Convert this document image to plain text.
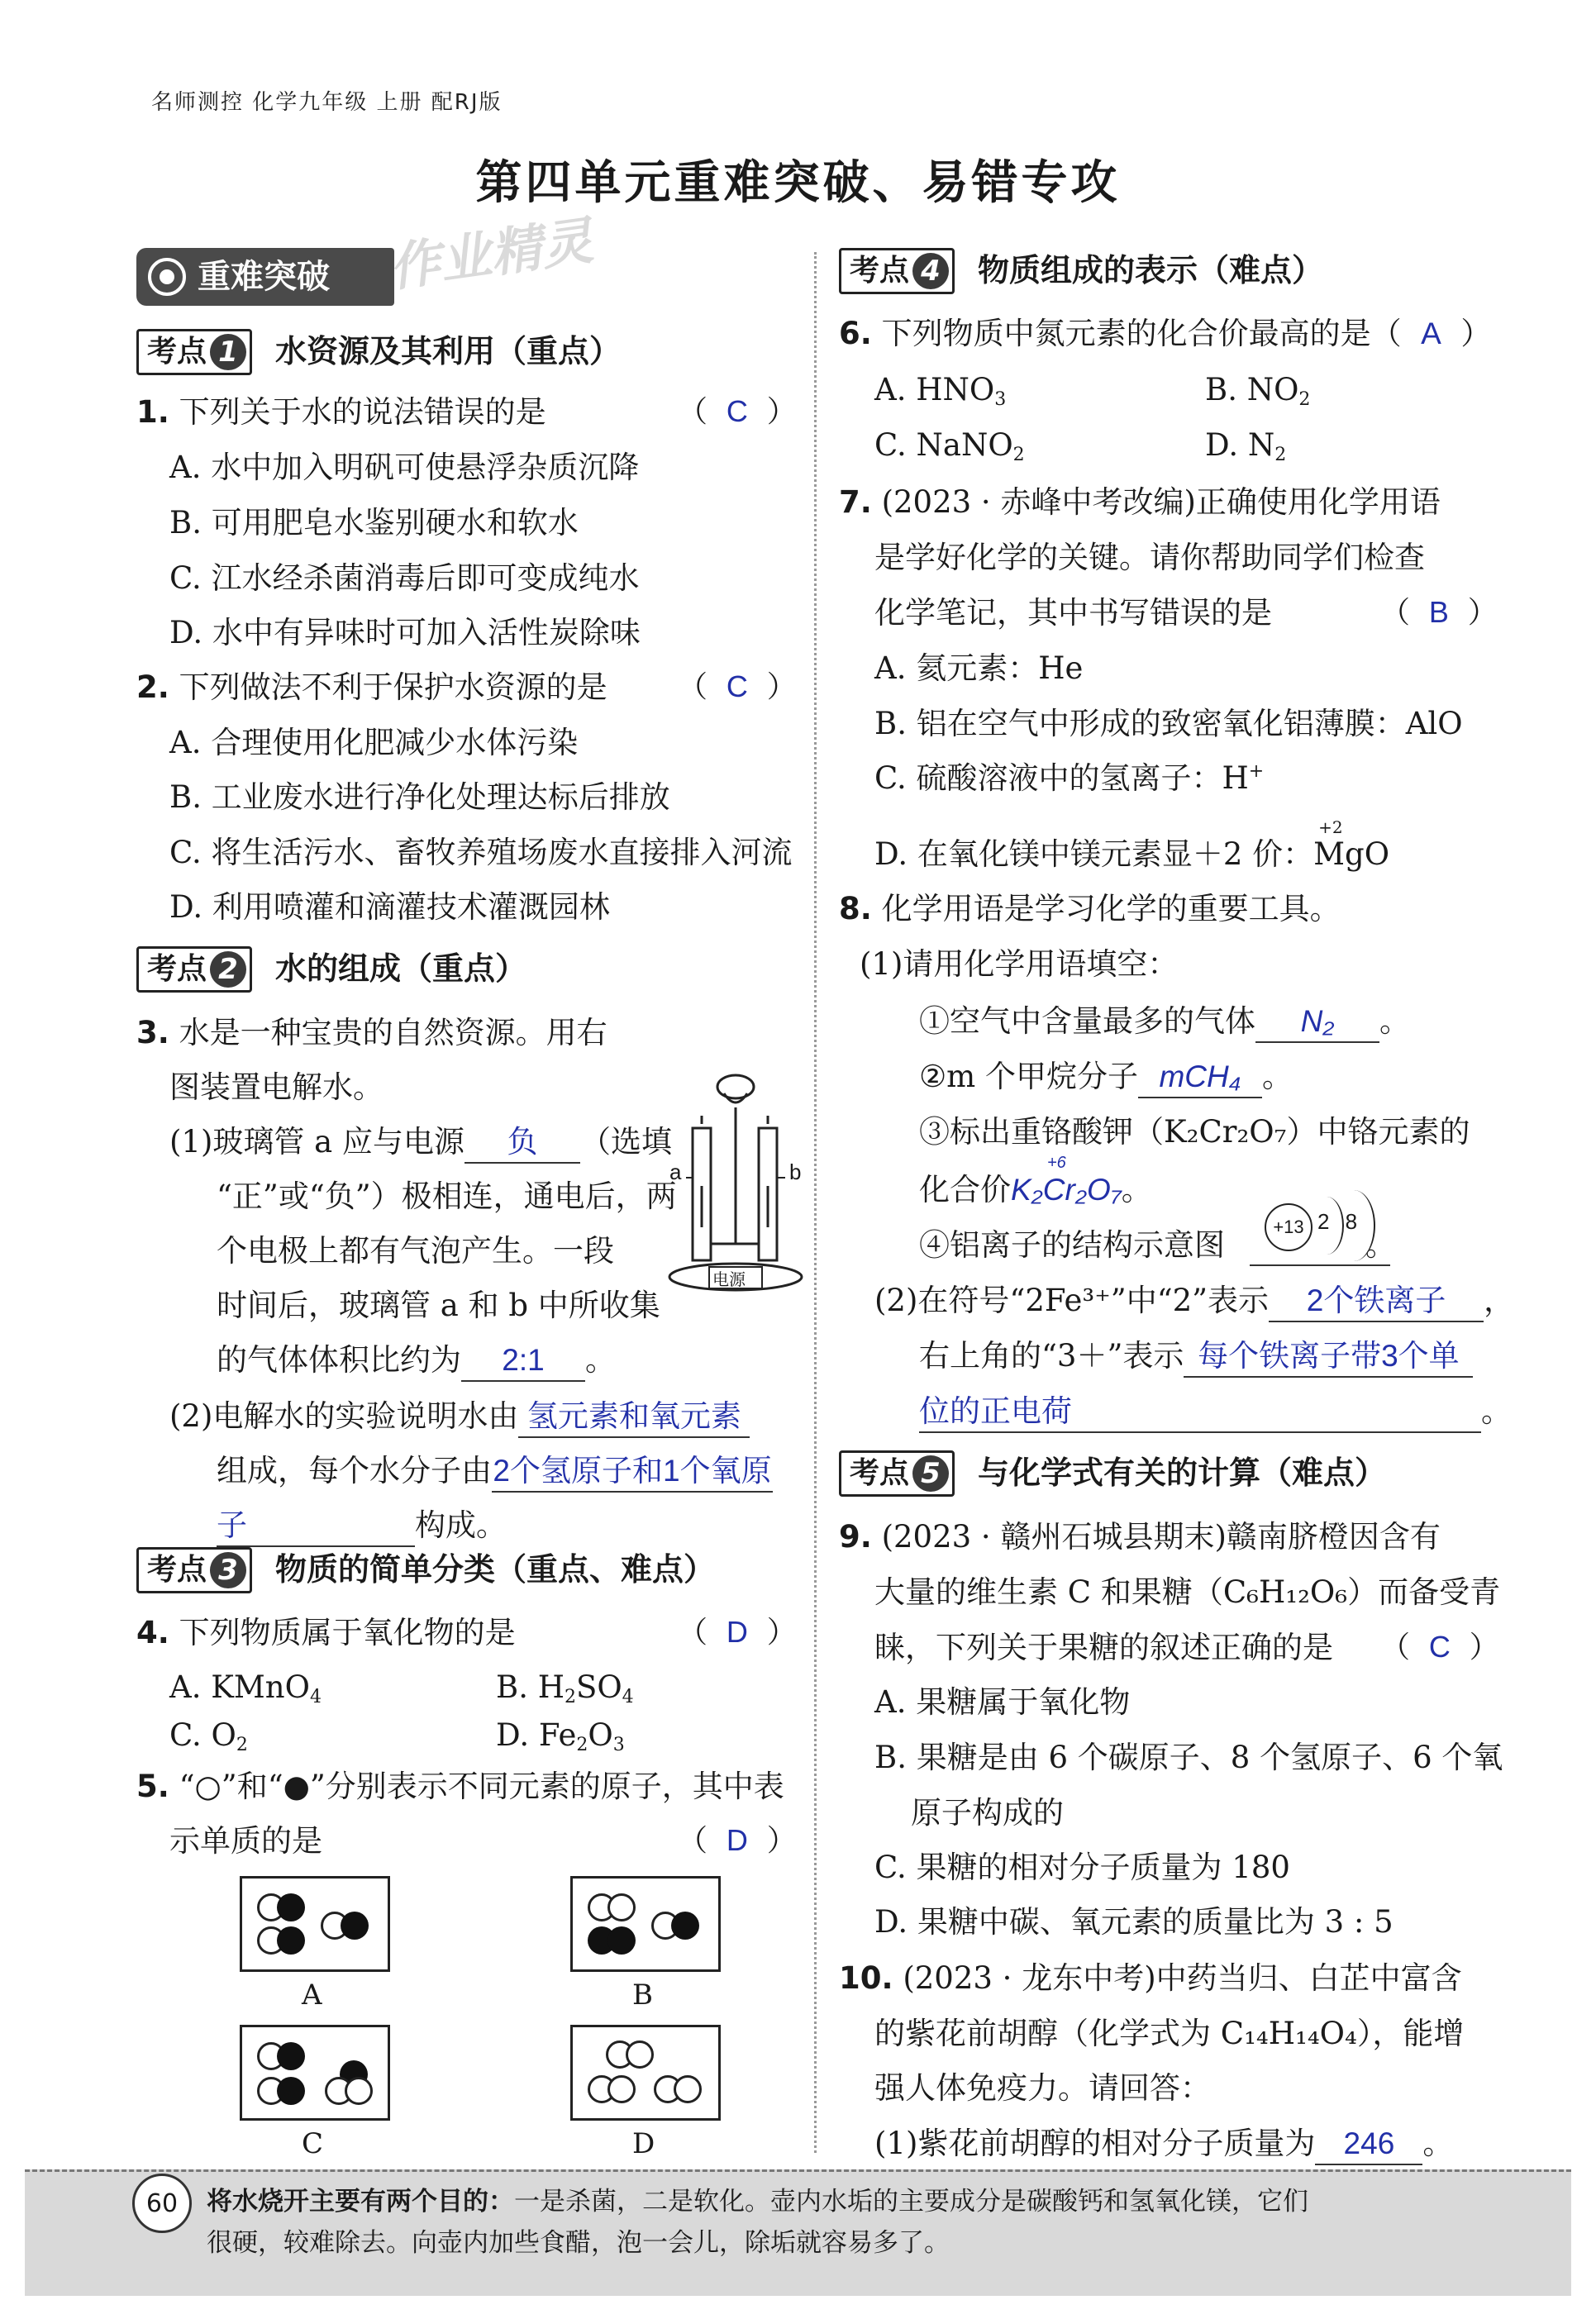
名师测控 化学九年级 上册 配RJ版
第四单元重难突破、易错专攻
重难突破 作业精灵
考点 1 水资源及其利用（重点）
1. 下列关于水的说法错误的是	（  C  ）
A. 水中加入明矾可使悬浮杂质沉降
B. 可用肥皂水鉴别硬水和软水
C. 江水经杀菌消毒后即可变成纯水
D. 水中有异味时可加入活性炭除味
2. 下列做法不利于保护水资源的是 （  C  ）
A. 合理使用化肥减少水体污染
B. 工业废水进行净化处理达标后排放
C. 将生活污水、畜牧养殖场废水直接排入河流
D. 利用喷灌和滴灌技术灌溉园林
考点 2 水的组成（重点）
3. 水是一种宝贵的自然资源。用右
图装置电解水。
(1)玻璃管 a 应与电源 负 （选填
“正”或“负”）极相连，通电后，两
个电极上都有气泡产生。一段
时间后，玻璃管 a 和 b 中所收集
的气体体积比约为 2:1 。
(2)电解水的实验说明水由 氢元素和氧元素
组成，每个水分子由2个氢原子和1个氧原
子	构成。
a	b
电源
考点 3 物质的简单分类（重点、难点）
4. 下列物质属于氧化物的是	（  D  ）
A. KMnO$_4$	B. $H_2SO_4$
C. $O_2$	D. $Fe_2O_3$
5. “○”和“●”分别表示不同元素的原子，其中表
示单质的是	（  D  ）
A	B
C	D
考点 4 物质组成的表示（难点）
6. 下列物质中氮元素的化合价最高的是（ A ）
A. $HNO_3$	B. $NO_2$
C. NaNO$_2$	D. $N_2$
7. (2023 · 赤峰中考改编)正确使用化学用语
是学好化学的关键。请你帮助同学们检查
化学笔记，其中书写错误的是	（  B  ）
A. 氦元素：He
B. 铝在空气中形成的致密氧化铝薄膜：AlO
C. 硫酸溶液中的氢离子：H+
D. 在氧化镁中镁元素显＋2 价：
+2
MgO
8. 化学用语是学习化学的重要工具。
(1)请用化学用语填空：
①空气中含量最多的气体 N₂ 。
②m 个甲烷分子 mCH₄ 。
③标出重铬酸钾（K₂Cr₂O₇）中铬元素的
化合价
+6
K₂Cr₂O₇。
④铝离子的结构示意图	。
+13 2 8
(2)在符号“2Fe³⁺”中“2”表示 2个铁离子 ，
右上角的“3＋”表示 每个铁离子带3个单
位的正电荷	。
考点 5 与化学式有关的计算（难点）
9. (2023 · 赣州石城县期末)赣南脐橙因含有
大量的维生素 C 和果糖（C₆H₁₂O₆）而备受青
睐，下列关于果糖的叙述正确的是 （  C  ）
A. 果糖属于氧化物
B. 果糖是由 6 个碳原子、8 个氢原子、6 个氧
原子构成的
C. 果糖的相对分子质量为 180
D. 果糖中碳、氧元素的质量比为 3 : 5
10. (2023 · 龙东中考)中药当归、白芷中富含
的紫花前胡醇（化学式为 C₁₄H₁₄O₄），能增
强人体免疫力。请回答：
(1)紫花前胡醇的相对分子质量为 246 。
60	将水烧开主要有两个目的：一是杀菌，二是软化。壶内水垢的主要成分是碳酸钙和氢氧化镁，它们
很硬，较难除去。向壶内加些食醋，泡一会儿，除垢就容易多了。
